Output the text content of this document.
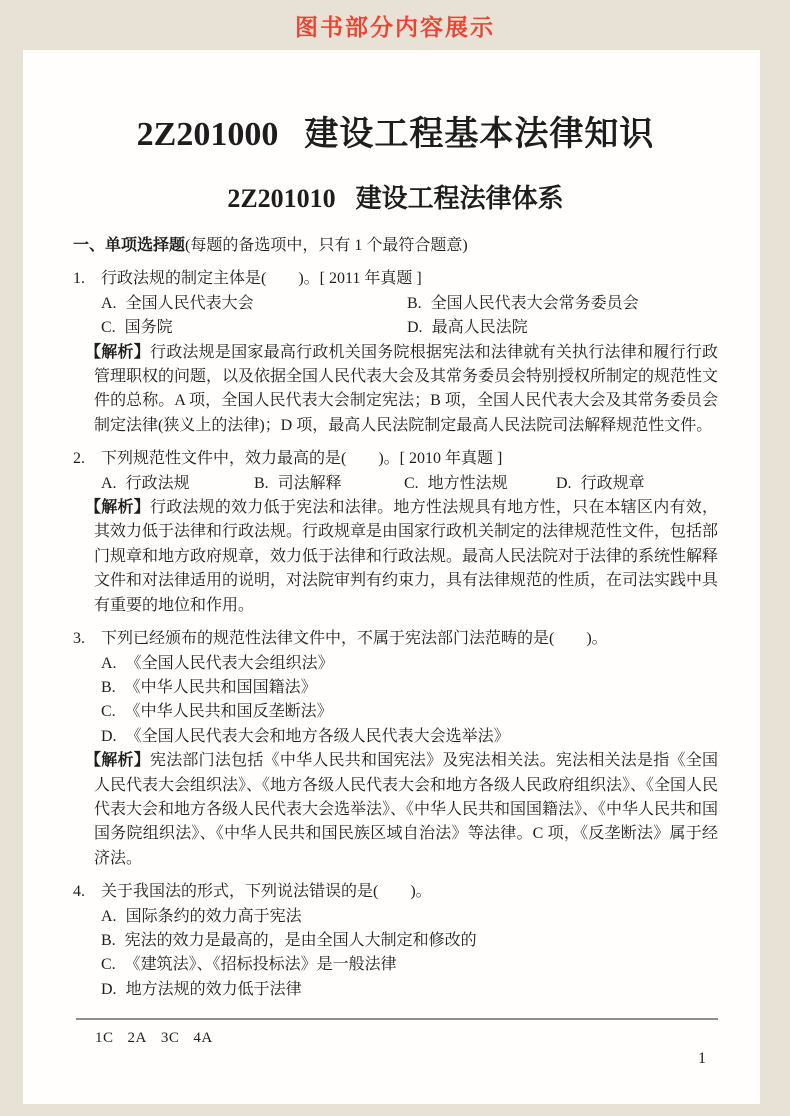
图书部分内容展示
2Z201000 建设工程基本法律知识
2Z201010 建设工程法律体系
一、单项选择题(每题的备选项中，只有 1 个最符合题意)
1.	行政法规的制定主体是(　　)。[ 2011 年真题 ]
A. 全国人民代表大会	B. 全国人民代表大会常务委员会
C. 国务院	D. 最高人民法院
【解析】行政法规是国家最高行政机关国务院根据宪法和法律就有关执行法律和履行行政管理职权的问题，以及依据全国人民代表大会及其常务委员会特别授权所制定的规范性文件的总称。A 项，全国人民代表大会制定宪法；B 项，全国人民代表大会及其常务委员会制定法律(狭义上的法律)；D 项，最高人民法院制定最高人民法院司法解释规范性文件。
2.	下列规范性文件中，效力最高的是(　　)。[ 2010 年真题 ]
A. 行政法规	B. 司法解释	C. 地方性法规	D. 行政规章
【解析】行政法规的效力低于宪法和法律。地方性法规具有地方性，只在本辖区内有效，其效力低于法律和行政法规。行政规章是由国家行政机关制定的法律规范性文件，包括部门规章和地方政府规章，效力低于法律和行政法规。最高人民法院对于法律的系统性解释文件和对法律适用的说明，对法院审判有约束力，具有法律规范的性质，在司法实践中具有重要的地位和作用。
3.	下列已经颁布的规范性法律文件中，不属于宪法部门法范畴的是(　　)。
A. 《全国人民代表大会组织法》
B. 《中华人民共和国国籍法》
C. 《中华人民共和国反垄断法》
D. 《全国人民代表大会和地方各级人民代表大会选举法》
【解析】宪法部门法包括《中华人民共和国宪法》及宪法相关法。宪法相关法是指《全国人民代表大会组织法》、《地方各级人民代表大会和地方各级人民政府组织法》、《全国人民代表大会和地方各级人民代表大会选举法》、《中华人民共和国国籍法》、《中华人民共和国国务院组织法》、《中华人民共和国民族区域自治法》等法律。C 项，《反垄断法》属于经济法。
4.	关于我国法的形式，下列说法错误的是(　　)。
A. 国际条约的效力高于宪法
B. 宪法的效力是最高的，是由全国人大制定和修改的
C. 《建筑法》、《招标投标法》是一般法律
D. 地方法规的效力低于法律
1C 2A 3C 4A
1
